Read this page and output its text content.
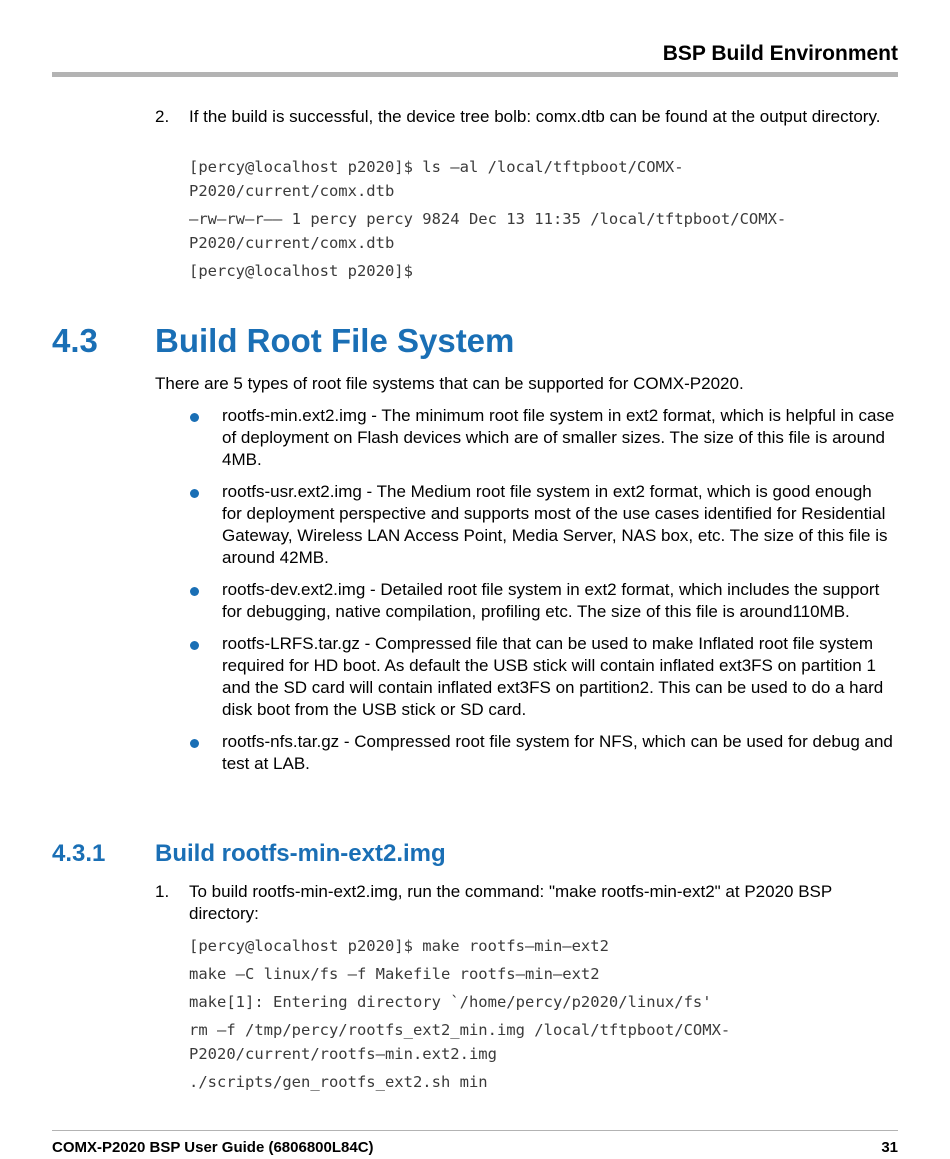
BSP Build Environment
2. If the build is successful, the device tree bolb: comx.dtb can be found at the output directory.
[percy@localhost p2020]$ ls –al /local/tftpboot/COMX-
P2020/current/comx.dtb
–rw–rw–r–– 1 percy percy 9824 Dec 13 11:35 /local/tftpboot/COMX-
P2020/current/comx.dtb
[percy@localhost p2020]$
4.3 Build Root File System
There are 5 types of root file systems that can be supported for COMX-P2020.
rootfs-min.ext2.img - The minimum root file system in ext2 format, which is helpful in case of deployment on Flash devices which are of smaller sizes. The size of this file is around 4MB.
rootfs-usr.ext2.img - The Medium root file system in ext2 format, which is good enough for deployment perspective and supports most of the use cases identified for Residential Gateway, Wireless LAN Access Point, Media Server, NAS box, etc. The size of this file is around 42MB.
rootfs-dev.ext2.img - Detailed root file system in ext2 format, which includes the support for debugging, native compilation, profiling etc. The size of this file is around110MB.
rootfs-LRFS.tar.gz - Compressed file that can be used to make Inflated root file system required for HD boot. As default the USB stick will contain inflated ext3FS on partition 1 and the SD card will contain inflated ext3FS on partition2. This can be used to do a hard disk boot from the USB stick or SD card.
rootfs-nfs.tar.gz - Compressed root file system for NFS, which can be used for debug and test at LAB.
4.3.1 Build rootfs-min-ext2.img
1. To build rootfs-min-ext2.img, run the command: "make rootfs-min-ext2" at P2020 BSP directory:
[percy@localhost p2020]$ make rootfs–min–ext2
make –C linux/fs –f Makefile rootfs–min–ext2
make[1]: Entering directory `/home/percy/p2020/linux/fs'
rm –f /tmp/percy/rootfs_ext2_min.img /local/tftpboot/COMX-
P2020/current/rootfs–min.ext2.img
./scripts/gen_rootfs_ext2.sh min
COMX-P2020 BSP User Guide (6806800L84C)	31
